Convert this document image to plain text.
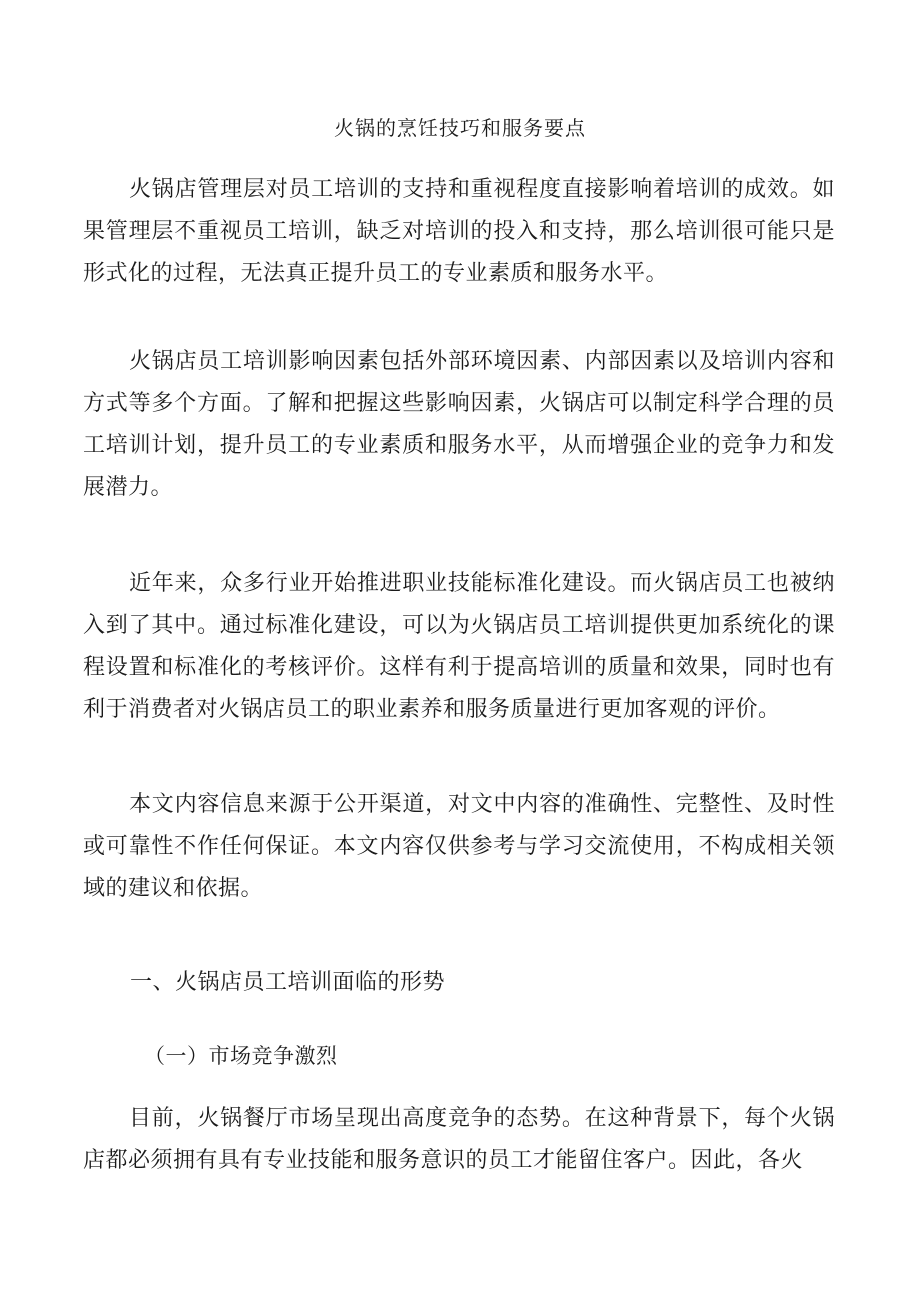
火锅的烹饪技巧和服务要点

火锅店管理层对员工培训的支持和重视程度直接影响着培训的成效。如果管理层不重视员工培训，缺乏对培训的投入和支持，那么培训很可能只是形式化的过程，无法真正提升员工的专业素质和服务水平。

火锅店员工培训影响因素包括外部环境因素、内部因素以及培训内容和方式等多个方面。了解和把握这些影响因素，火锅店可以制定科学合理的员工培训计划，提升员工的专业素质和服务水平，从而增强企业的竞争力和发展潜力。

近年来，众多行业开始推进职业技能标准化建设。而火锅店员工也被纳入到了其中。通过标准化建设，可以为火锅店员工培训提供更加系统化的课程设置和标准化的考核评价。这样有利于提高培训的质量和效果，同时也有利于消费者对火锅店员工的职业素养和服务质量进行更加客观的评价。

本文内容信息来源于公开渠道，对文中内容的准确性、完整性、及时性或可靠性不作任何保证。本文内容仅供参考与学习交流使用，不构成相关领域的建议和依据。

一、火锅店员工培训面临的形势
（一）市场竞争激烈

目前，火锅餐厅市场呈现出高度竞争的态势。在这种背景下，每个火锅店都必须拥有具有专业技能和服务意识的员工才能留住客户。因此，各火
